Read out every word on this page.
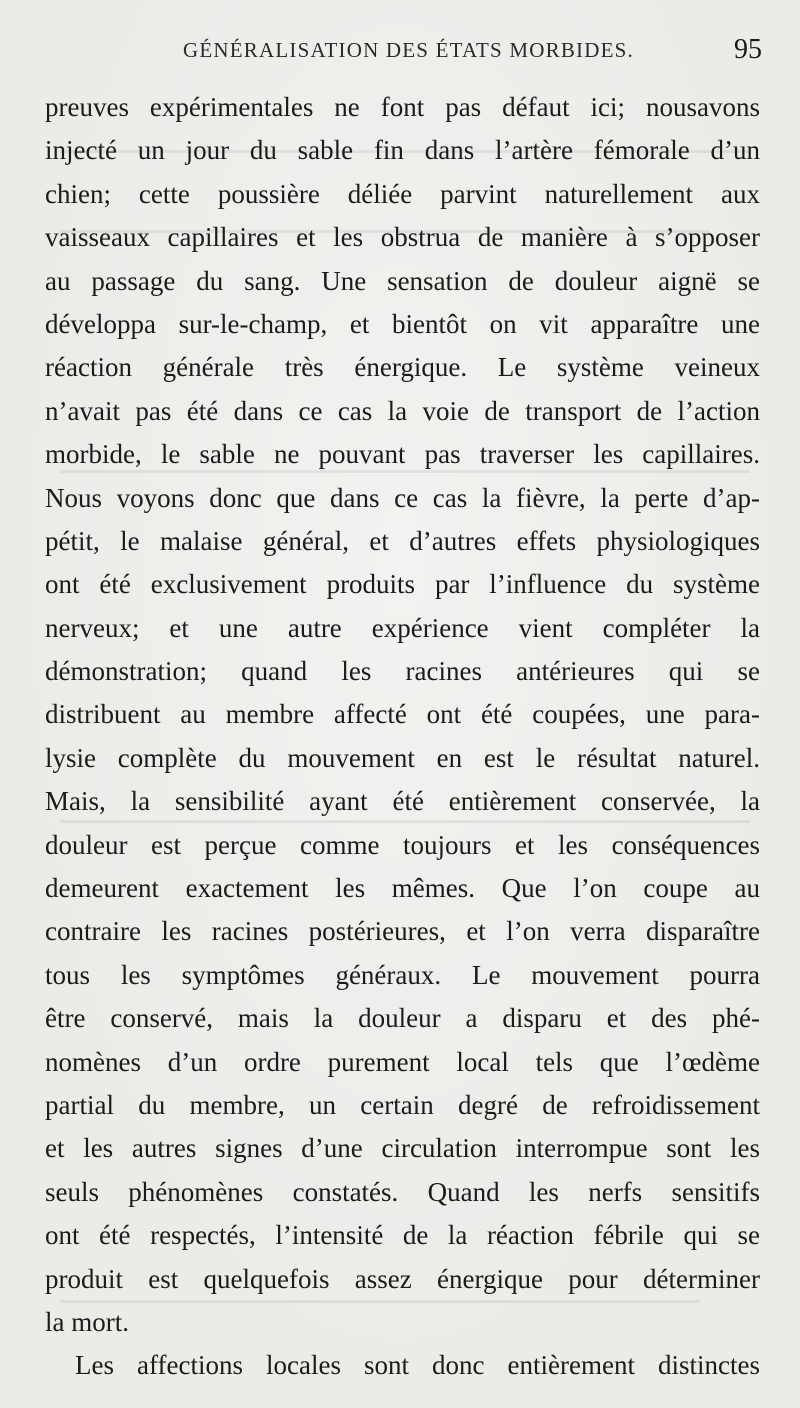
GÉNÉRALISATION DES ÉTATS MORBIDES.	95
preuves expérimentales ne font pas défaut ici; nousavons
injecté un jour du sable fin dans l’artère fémorale d’un
chien; cette poussière déliée parvint naturellement aux
vaisseaux capillaires et les obstrua de manière à s’opposer
au passage du sang. Une sensation de douleur aignë se
développa sur-le-champ, et bientôt on vit apparaître une
réaction générale très énergique. Le système veineux
n’avait pas été dans ce cas la voie de transport de l’action
morbide, le sable ne pouvant pas traverser les capillaires.
Nous voyons donc que dans ce cas la fièvre, la perte d’ap-
pétit, le malaise général, et d’autres effets physiologiques
ont été exclusivement produits par l’influence du système
nerveux; et une autre expérience vient compléter la
démonstration; quand les racines antérieures qui se
distribuent au membre affecté ont été coupées, une para-
lysie complète du mouvement en est le résultat naturel.
Mais, la sensibilité ayant été entièrement conservée, la
douleur est perçue comme toujours et les conséquences
demeurent exactement les mêmes. Que l’on coupe au
contraire les racines postérieures, et l’on verra disparaître
tous les symptômes généraux. Le mouvement pourra
être conservé, mais la douleur a disparu et des phé-
nomènes d’un ordre purement local tels que l’œdème
partial du membre, un certain degré de refroidissement
et les autres signes d’une circulation interrompue sont les
seuls phénomènes constatés. Quand les nerfs sensitifs
ont été respectés, l’intensité de la réaction fébrile qui se
produit est quelquefois assez énergique pour déterminer
la mort.
Les affections locales sont donc entièrement distinctes
